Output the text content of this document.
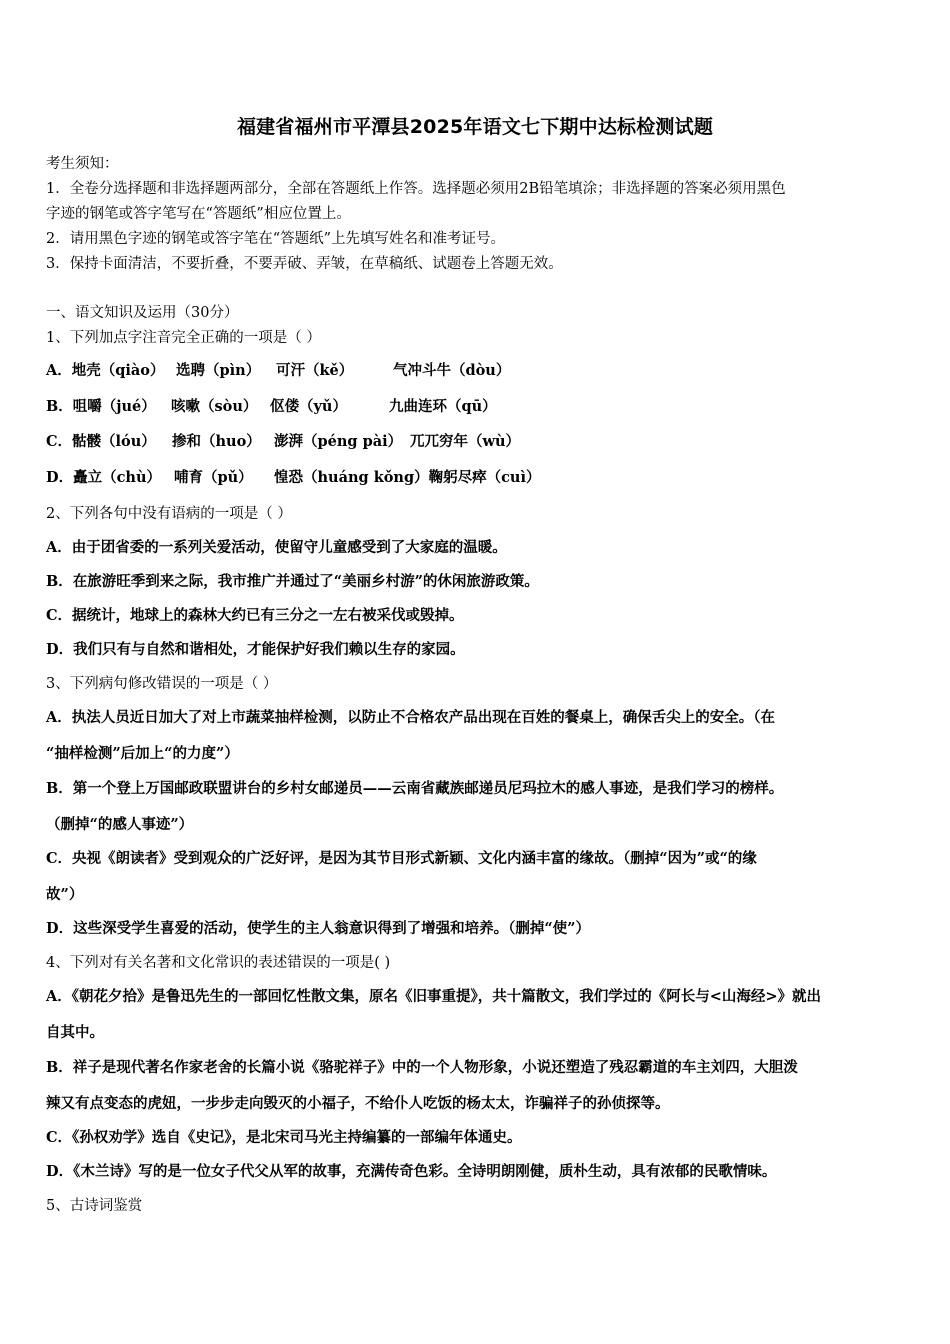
福建省福州市平潭县2025年语文七下期中达标检测试题
考生须知：
1．全卷分选择题和非选择题两部分，全部在答题纸上作答。选择题必须用2B铅笔填涂；非选择题的答案必须用黑色
字迹的钢笔或答字笔写在“答题纸”相应位置上。
2．请用黑色字迹的钢笔或答字笔在“答题纸”上先填写姓名和准考证号。
3．保持卡面清洁，不要折叠，不要弄破、弄皱，在草稿纸、试题卷上答题无效。
一、语文知识及运用（30分）
1、下列加点字注音完全正确的一项是（ ）
A．地壳（qiào） 选聘（pìn） 可汗（kě）	气冲斗牛（dòu）
B．咀嚼（jué） 咳嗽（sòu） 伛偻（yǔ）	九曲连环（qū）
C．骷髅（lóu） 掺和（huo） 澎湃（péng pài） 兀兀穷年（wù）
D．矗立（chù） 哺育（pǔ） 惶恐（huáng kǒng）鞠躬尽瘁（cuì）
2、下列各句中没有语病的一项是（ ）
A．由于团省委的一系列关爱活动，使留守儿童感受到了大家庭的温暖。
B．在旅游旺季到来之际，我市推广并通过了“美丽乡村游”的休闲旅游政策。
C．据统计，地球上的森林大约已有三分之一左右被采伐或毁掉。
D．我们只有与自然和谐相处，才能保护好我们赖以生存的家园。
3、下列病句修改错误的一项是（ ）
A．执法人员近日加大了对上市蔬菜抽样检测，以防止不合格农产品出现在百姓的餐桌上，确保舌尖上的安全。（在
“抽样检测”后加上“的力度”）
B．第一个登上万国邮政联盟讲台的乡村女邮递员——云南省藏族邮递员尼玛拉木的感人事迹，是我们学习的榜样。
（删掉“的感人事迹”）
C．央视《朗读者》受到观众的广泛好评，是因为其节目形式新颖、文化内涵丰富的缘故。（删掉“因为”或“的缘
故”）
D．这些深受学生喜爱的活动，使学生的主人翁意识得到了增强和培养。（删掉“使”）
4、下列对有关名著和文化常识的表述错误的一项是( )
A．《朝花夕拾》是鲁迅先生的一部回忆性散文集，原名《旧事重提》，共十篇散文，我们学过的《阿长与<山海经>》就出
自其中。
B．祥子是现代著名作家老舍的长篇小说《骆驼祥子》中的一个人物形象，小说还塑造了残忍霸道的车主刘四，大胆泼
辣又有点变态的虎妞，一步步走向毁灭的小福子，不给仆人吃饭的杨太太，诈骗祥子的孙侦探等。
C．《孙权劝学》选自《史记》，是北宋司马光主持编纂的一部编年体通史。
D．《木兰诗》写的是一位女子代父从军的故事，充满传奇色彩。全诗明朗刚健，质朴生动，具有浓郁的民歌情味。
5、古诗词鉴赏
